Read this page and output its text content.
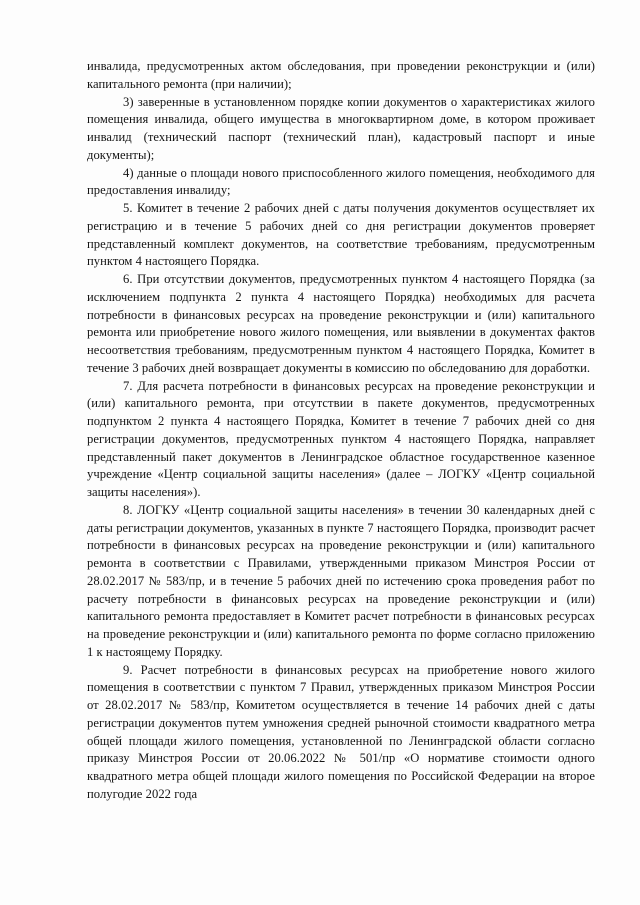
инвалида, предусмотренных актом обследования, при проведении реконструкции и (или) капитального ремонта (при наличии);

3) заверенные в установленном порядке копии документов о характеристиках жилого помещения инвалида, общего имущества в многоквартирном доме, в котором проживает инвалид (технический паспорт (технический план), кадастровый паспорт и иные документы);

4) данные о площади нового приспособленного жилого помещения, необходимого для предоставления инвалиду;

5. Комитет в течение 2 рабочих дней с даты получения документов осуществляет их регистрацию и в течение 5 рабочих дней со дня регистрации документов проверяет представленный комплект документов, на соответствие требованиям, предусмотренным пунктом 4 настоящего Порядка.

6. При отсутствии документов, предусмотренных пунктом 4 настоящего Порядка (за исключением подпункта 2 пункта 4 настоящего Порядка) необходимых для расчета потребности в финансовых ресурсах на проведение реконструкции и (или) капитального ремонта или приобретение нового жилого помещения, или выявлении в документах фактов несоответствия требованиям, предусмотренным пунктом 4 настоящего Порядка, Комитет в течение 3 рабочих дней возвращает документы в комиссию по обследованию для доработки.

7. Для расчета потребности в финансовых ресурсах на проведение реконструкции и (или) капитального ремонта, при отсутствии в пакете документов, предусмотренных подпунктом 2 пункта 4 настоящего Порядка, Комитет в течение 7 рабочих дней со дня регистрации документов, предусмотренных пунктом 4 настоящего Порядка, направляет представленный пакет документов в Ленинградское областное государственное казенное учреждение «Центр социальной защиты населения» (далее – ЛОГКУ «Центр социальной защиты населения»).

8. ЛОГКУ «Центр социальной защиты населения» в течении 30 календарных дней с даты регистрации документов, указанных в пункте 7 настоящего Порядка, производит расчет потребности в финансовых ресурсах на проведение реконструкции и (или) капитального ремонта в соответствии с Правилами, утвержденными приказом Минстроя России от 28.02.2017 № 583/пр, и в течение 5 рабочих дней по истечению срока проведения работ по расчету потребности в финансовых ресурсах на проведение реконструкции и (или) капитального ремонта предоставляет в Комитет расчет потребности в финансовых ресурсах на проведение реконструкции и (или) капитального ремонта по форме согласно приложению 1 к настоящему Порядку.

9. Расчет потребности в финансовых ресурсах на приобретение нового жилого помещения в соответствии с пунктом 7 Правил, утвержденных приказом Минстроя России от 28.02.2017 № 583/пр, Комитетом осуществляется в течение 14 рабочих дней с даты регистрации документов путем умножения средней рыночной стоимости квадратного метра общей площади жилого помещения, установленной по Ленинградской области согласно приказу Минстроя России от 20.06.2022 № 501/пр «О нормативе стоимости одного квадратного метра общей площади жилого помещения по Российской Федерации на второе полугодие 2022 года
